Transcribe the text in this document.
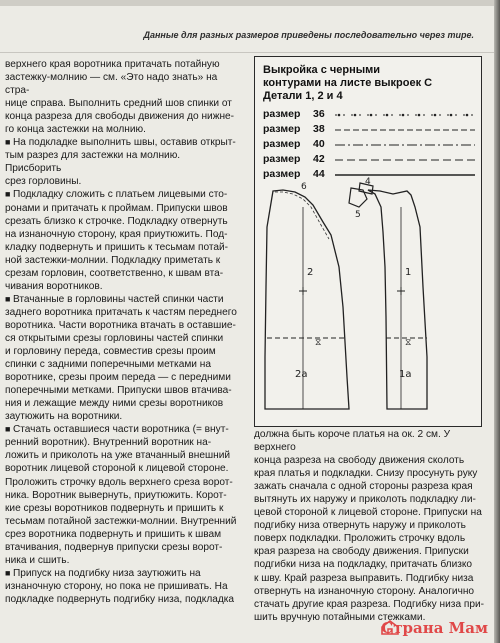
Данные для разных размеров приведены последовательно через тире.

верхнего края воротника притачать потайную
застежку-молнию — см. «Это надо знать» на стра-
нице справа. Выполнить средний шов спинки от
конца разреза для свободы движения до нижне-
го конца застежки на молнию.

■ На подкладке выполнить швы, оставив открыт-
тым разрез для застежки на молнию. Присборить
срез горловины.

■ Подкладку сложить с платьем лицевыми сто-
ронами и притачать к проймам. Припуски швов
срезать близко к строчке. Подкладку отвернуть
на изнаночную сторону, края приутюжить. Под-
кладку подвернуть и пришить к тесьмам потай-
ной застежки-молнии. Подкладку приметать к
срезам горловин, соответственно, к швам вта-
чивания воротников.

■ Втачанные в горловины частей спинки части
заднего воротника притачать к частям переднего
воротника. Части воротника втачать в оставшие-
ся открытыми срезы горловины частей спинки
и горловину переда, совместив срезы проим
спинки с задними поперечными метками на
воротнике, срезы проим переда — с передними
поперечными метками. Припуски швов втачива-
ния и лежащие между ними срезы воротников
заутюжить на воротники.

■ Стачать оставшиеся части воротника (= внут-
ренний воротник). Внутренний воротник на-
ложить и приколоть на уже втачанный внешний
воротник лицевой стороной к лицевой стороне.
Проложить строчку вдоль верхнего среза ворот-
ника. Воротник вывернуть, приутюжить. Корот-
кие срезы воротников подвернуть и пришить к
тесьмам потайной застежки-молнии. Внутренний
срез воротника подвернуть и пришить к швам
втачивания, подвернув припуски срезы ворот-
ника и сшить.

■ Припуск на подгибку низа заутюжить на
изнаночную сторону, но пока не пришивать. На
подкладке подвернуть подгибку низа, подкладка

Выкройка с черными
контурами на листе выкроек С
Детали 1, 2 и 4
размер 36
размер 38
размер 40
размер 42
размер 44
⧖	⧖
2	1
2a	1a
4
5
6

должна быть короче платья на ок. 2 см. У верхнего
конца разреза на свободу движения сколоть
края платья и подкладки. Снизу просунуть руку
зажать сначала с одной стороны разреза края
вытянуть их наружу и приколоть подкладку ли-
цевой стороной к лицевой стороне. Припуски на
подгибку низа отвернуть наружу и приколоть
поверх подкладки. Проложить строчку вдоль
края разреза на свободу движения. Припуски
подгибки низа на подкладку, притачать близко
к шву. Край разреза выправить. Подгибку низа
отвернуть на изнаночную сторону. Аналогично
стачать другие края разреза. Подгибку низа при-
шить вручную потайными стежками.

Страна Мам
